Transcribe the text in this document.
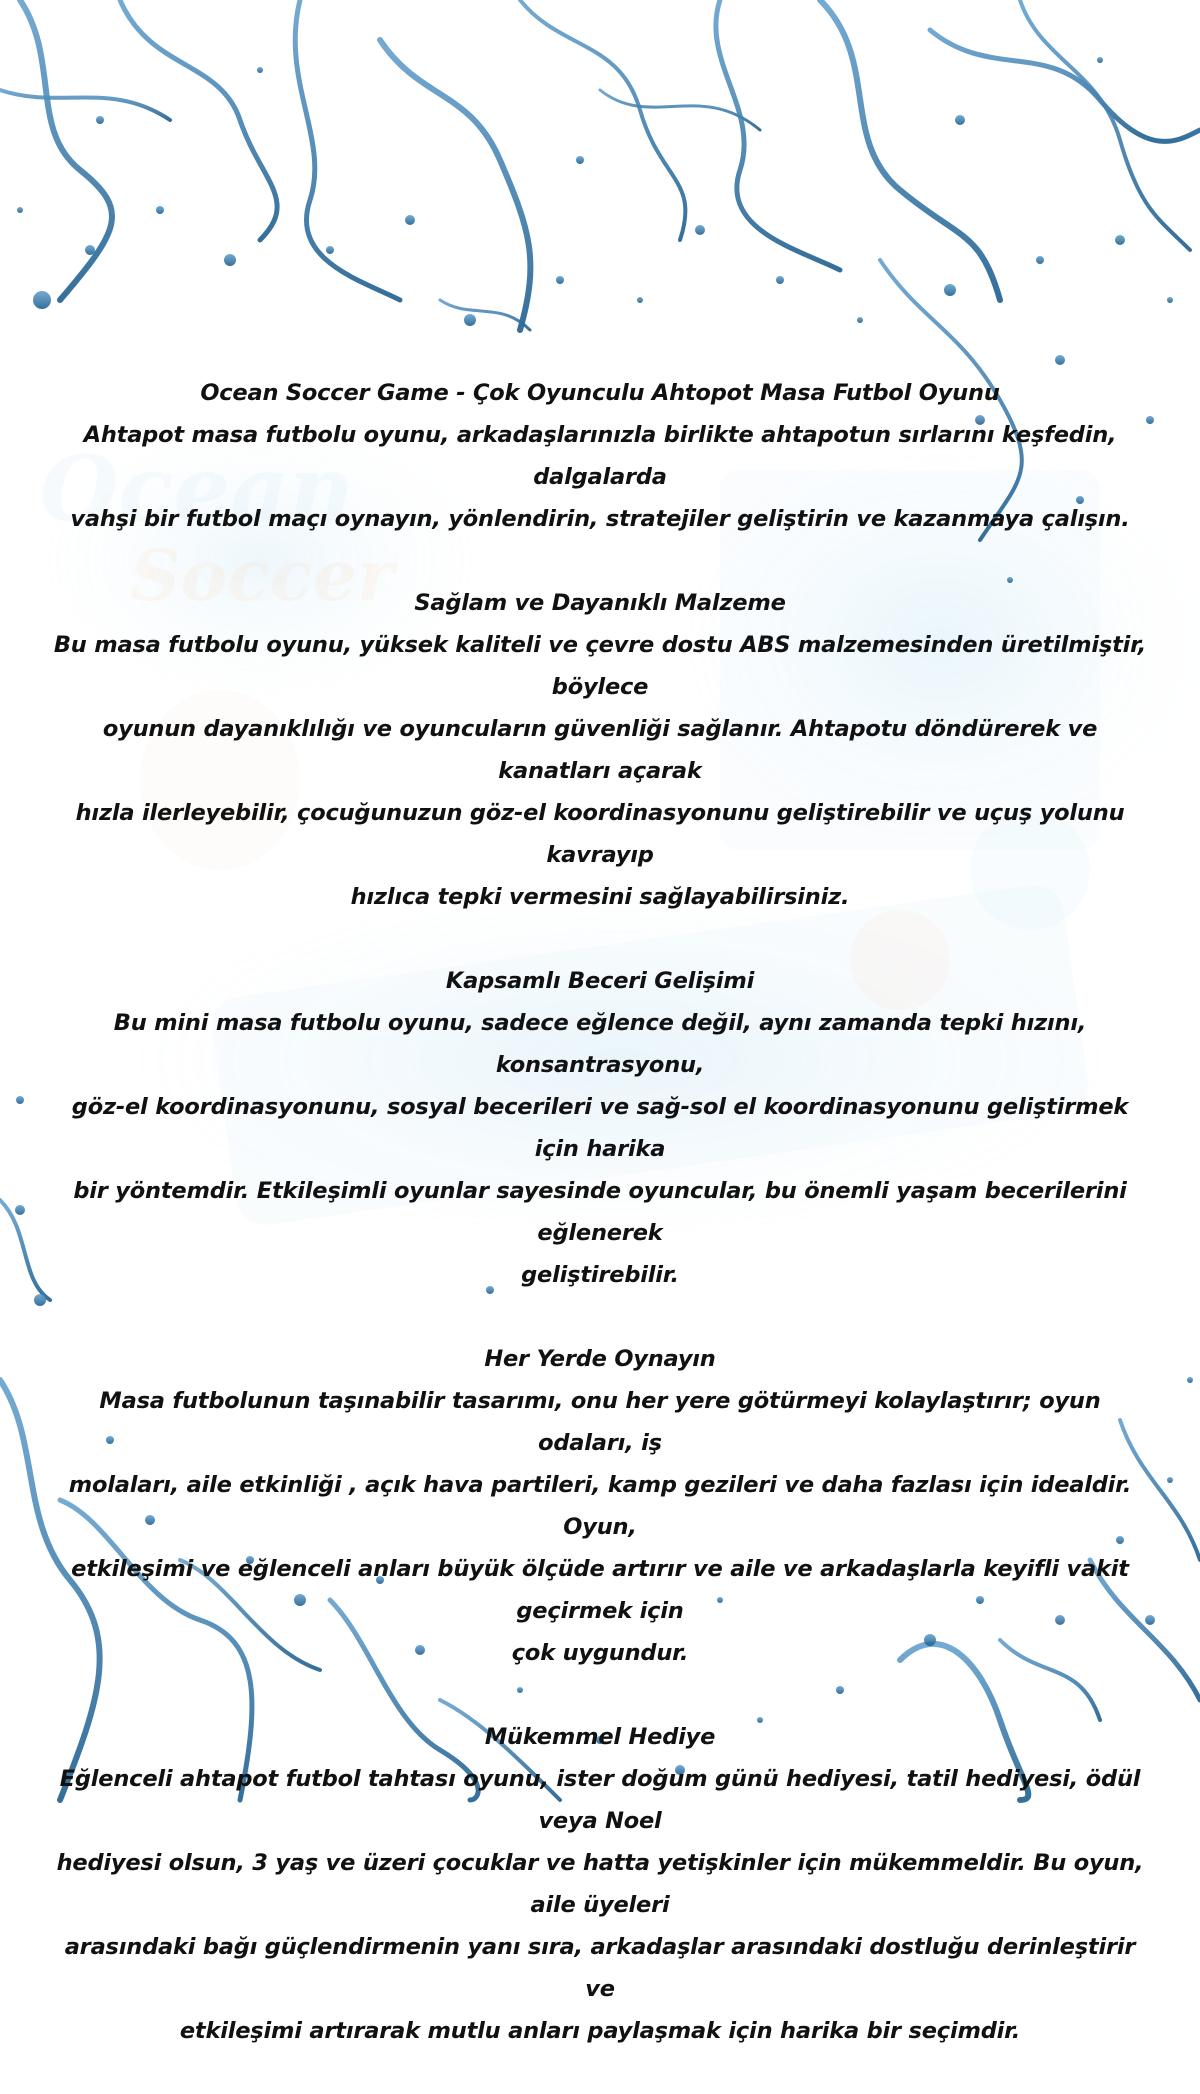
Ocean
Soccer

Ocean Soccer Game - Çok Oyunculu Ahtopot Masa Futbol Oyunu

Ahtapot masa futbolu oyunu, arkadaşlarınızla birlikte ahtapotun sırlarını keşfedin, dalgalarda
vahşi bir futbol maçı oynayın, yönlendirin, stratejiler geliştirin ve kazanmaya çalışın.

Sağlam ve Dayanıklı Malzeme

Bu masa futbolu oyunu, yüksek kaliteli ve çevre dostu ABS malzemesinden üretilmiştir, böylece
oyunun dayanıklılığı ve oyuncuların güvenliği sağlanır. Ahtapotu döndürerek ve kanatları açarak
hızla ilerleyebilir, çocuğunuzun göz-el koordinasyonunu geliştirebilir ve uçuş yolunu kavrayıp
hızlıca tepki vermesini sağlayabilirsiniz.

Kapsamlı Beceri Gelişimi

Bu mini masa futbolu oyunu, sadece eğlence değil, aynı zamanda tepki hızını, konsantrasyonu,
göz-el koordinasyonunu, sosyal becerileri ve sağ-sol el koordinasyonunu geliştirmek için harika
bir yöntemdir. Etkileşimli oyunlar sayesinde oyuncular, bu önemli yaşam becerilerini eğlenerek
geliştirebilir.

Her Yerde Oynayın

Masa futbolunun taşınabilir tasarımı, onu her yere götürmeyi kolaylaştırır; oyun odaları, iş
molaları, aile etkinliği , açık hava partileri, kamp gezileri ve daha fazlası için idealdir. Oyun,
etkileşimi ve eğlenceli anları büyük ölçüde artırır ve aile ve arkadaşlarla keyifli vakit geçirmek için
çok uygundur.

Mükemmel Hediye

Eğlenceli ahtapot futbol tahtası oyunu, ister doğum günü hediyesi, tatil hediyesi, ödül veya Noel
hediyesi olsun, 3 yaş ve üzeri çocuklar ve hatta yetişkinler için mükemmeldir. Bu oyun, aile üyeleri
arasındaki bağı güçlendirmenin yanı sıra, arkadaşlar arasındaki dostluğu derinleştirir ve
etkileşimi artırarak mutlu anları paylaşmak için harika bir seçimdir.
